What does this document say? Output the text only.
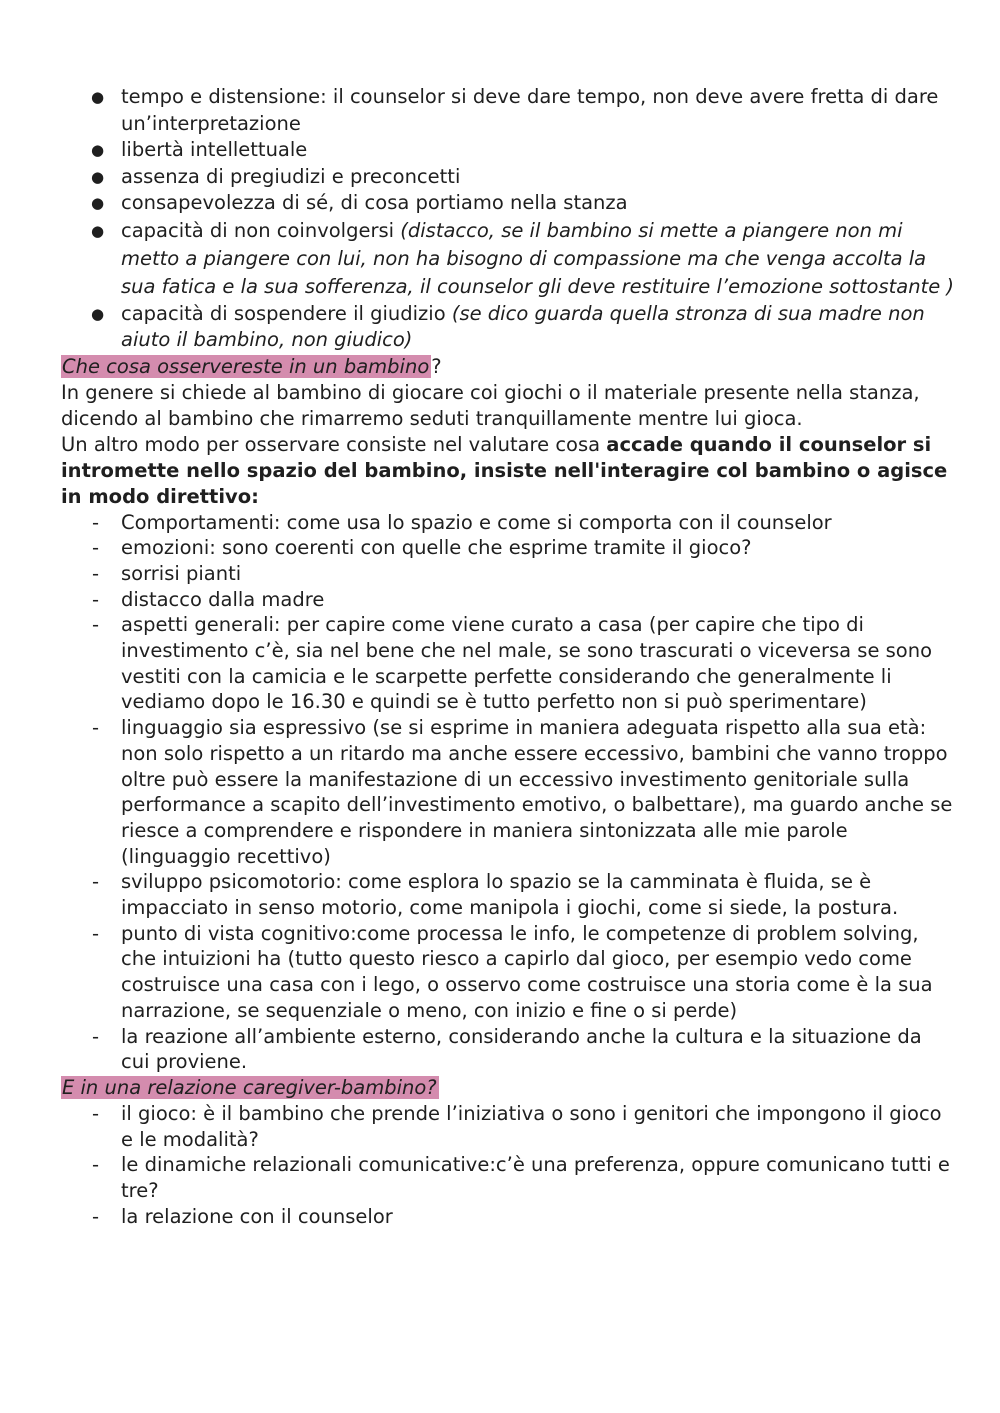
● tempo e distensione: il counselor si deve dare tempo, non deve avere fretta di dare un’interpretazione
● libertà intellettuale
● assenza di pregiudizi e preconcetti
● consapevolezza di sé, di cosa portiamo nella stanza
● capacità di non coinvolgersi (distacco, se il bambino si mette a piangere non mi metto a piangere con lui, non ha bisogno di compassione ma che venga accolta la sua fatica e la sua sofferenza, il counselor gli deve restituire l’emozione sottostante )
● capacità di sospendere il giudizio (se dico guarda quella stronza di sua madre non aiuto il bambino, non giudico)

Che cosa osservereste in un bambino ?

In genere si chiede al bambino di giocare coi giochi o il materiale presente nella stanza, dicendo al bambino che rimarremo seduti tranquillamente mentre lui gioca.

Un altro modo per osservare consiste nel valutare cosa accade quando il counselor si intromette nello spazio del bambino, insiste nell'interagire col bambino o agisce in modo direttivo:

- Comportamenti: come usa lo spazio e come si comporta con il counselor
- emozioni: sono coerenti con quelle che esprime tramite il gioco?
- sorrisi pianti
- distacco dalla madre
- aspetti generali: per capire come viene curato a casa (per capire che tipo di investimento c’è, sia nel bene che nel male, se sono trascurati o viceversa se sono vestiti con la camicia e le scarpette perfette considerando che generalmente li vediamo dopo le 16.30 e quindi se è tutto perfetto non si può sperimentare)
- linguaggio sia espressivo (se si esprime in maniera adeguata rispetto alla sua età: non solo rispetto a un ritardo ma anche essere eccessivo, bambini che vanno troppo oltre può essere la manifestazione di un eccessivo investimento genitoriale sulla performance a scapito dell’investimento emotivo, o balbettare), ma guardo anche se riesce a comprendere e rispondere in maniera sintonizzata alle mie parole (linguaggio recettivo)
- sviluppo psicomotorio: come esplora lo spazio se la camminata è fluida, se è impacciato in senso motorio, come manipola i giochi, come si siede, la postura.
- punto di vista cognitivo:come processa le info, le competenze di problem solving, che intuizioni ha (tutto questo riesco a capirlo dal gioco, per esempio vedo come costruisce una casa con i lego, o osservo come costruisce una storia come è la sua narrazione, se sequenziale o meno, con inizio e fine o si perde)
- la reazione all’ambiente esterno, considerando anche la cultura e la situazione da cui proviene.

E in una relazione caregiver-bambino?

- il gioco: è il bambino che prende l’iniziativa o sono i genitori che impongono il gioco e le modalità?
- le dinamiche relazionali comunicative:c’è una preferenza, oppure comunicano tutti e tre?
- la relazione con il counselor
